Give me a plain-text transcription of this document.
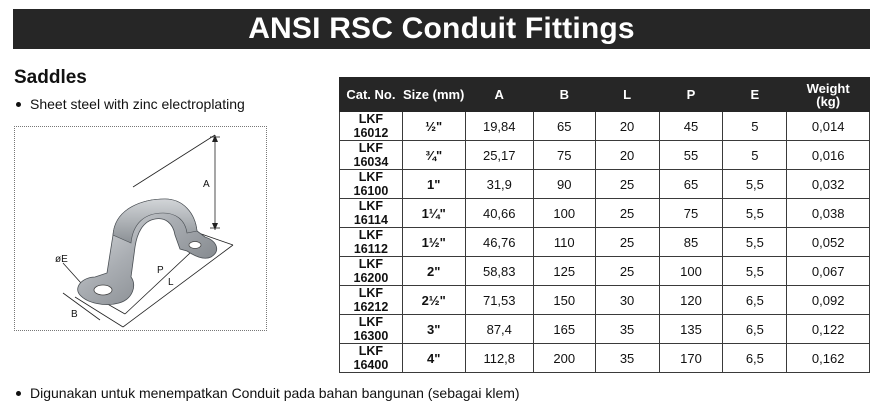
ANSI RSC Conduit Fittings
Saddles
Sheet steel with zinc electroplating
A
øE
P
L
B
Cat. No.	Size (mm)	A	B	L	P	E	Weight
(kg)
LKF 16012	½"	19,84	65	20	45	5	0,014
LKF 16034	¾"	25,17	75	20	55	5	0,016
LKF 16100	1"	31,9	90	25	65	5,5	0,032
LKF 16114	1¼"	40,66	100	25	75	5,5	0,038
LKF 16112	1½"	46,76	110	25	85	5,5	0,052
LKF 16200	2"	58,83	125	25	100	5,5	0,067
LKF 16212	2½"	71,53	150	30	120	6,5	0,092
LKF 16300	3"	87,4	165	35	135	6,5	0,122
LKF 16400	4"	112,8	200	35	170	6,5	0,162
Digunakan untuk menempatkan Conduit pada bahan bangunan (sebagai klem)
